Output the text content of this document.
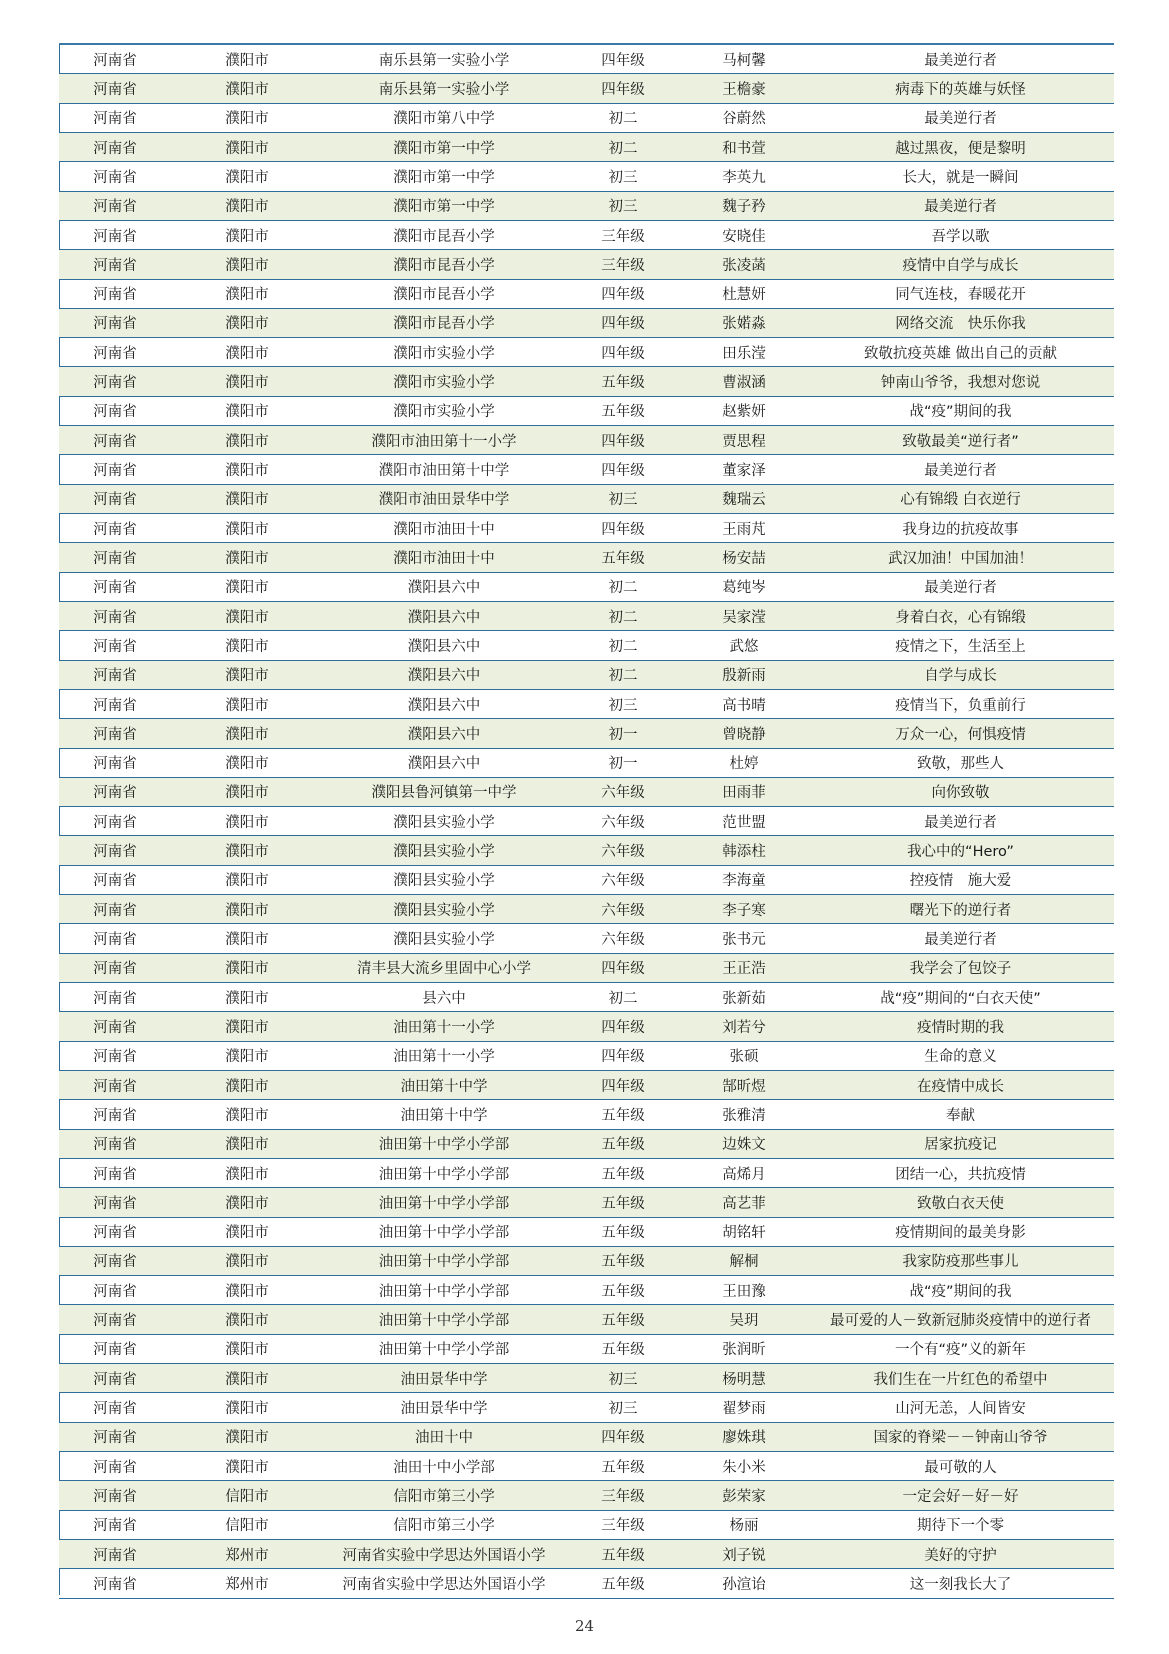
河南省	濮阳市	南乐县第一实验小学	四年级	马柯馨	最美逆行者
河南省	濮阳市	南乐县第一实验小学	四年级	王檐豪	病毒下的英雄与妖怪
河南省	濮阳市	濮阳市第八中学	初二	谷蔚然	最美逆行者
河南省	濮阳市	濮阳市第一中学	初二	和书萱	越过黑夜，便是黎明
河南省	濮阳市	濮阳市第一中学	初三	李英九	长大，就是一瞬间
河南省	濮阳市	濮阳市第一中学	初三	魏子矜	最美逆行者
河南省	濮阳市	濮阳市昆吾小学	三年级	安晓佳	吾学以歌
河南省	濮阳市	濮阳市昆吾小学	三年级	张凌菡	疫情中自学与成长
河南省	濮阳市	濮阳市昆吾小学	四年级	杜慧妍	同气连枝，春暖花开
河南省	濮阳市	濮阳市昆吾小学	四年级	张婼淼	网络交流　快乐你我
河南省	濮阳市	濮阳市实验小学	四年级	田乐滢	致敬抗疫英雄 做出自己的贡献
河南省	濮阳市	濮阳市实验小学	五年级	曹淑涵	钟南山爷爷，我想对您说
河南省	濮阳市	濮阳市实验小学	五年级	赵紫妍	战“疫”期间的我
河南省	濮阳市	濮阳市油田第十一小学	四年级	贾思程	致敬最美“逆行者”
河南省	濮阳市	濮阳市油田第十中学	四年级	董家泽	最美逆行者
河南省	濮阳市	濮阳市油田景华中学	初三	魏瑞云	心有锦缎 白衣逆行
河南省	濮阳市	濮阳市油田十中	四年级	王雨芃	我身边的抗疫故事
河南省	濮阳市	濮阳市油田十中	五年级	杨安喆	武汉加油！中国加油！
河南省	濮阳市	濮阳县六中	初二	葛纯岑	最美逆行者
河南省	濮阳市	濮阳县六中	初二	吴家滢	身着白衣，心有锦缎
河南省	濮阳市	濮阳县六中	初二	武悠	疫情之下，生活至上
河南省	濮阳市	濮阳县六中	初二	殷新雨	自学与成长
河南省	濮阳市	濮阳县六中	初三	高书晴	疫情当下，负重前行
河南省	濮阳市	濮阳县六中	初一	曾晓静	万众一心，何惧疫情
河南省	濮阳市	濮阳县六中	初一	杜婷	致敬，那些人
河南省	濮阳市	濮阳县鲁河镇第一中学	六年级	田雨菲	向你致敬
河南省	濮阳市	濮阳县实验小学	六年级	范世盟	最美逆行者
河南省	濮阳市	濮阳县实验小学	六年级	韩添柱	我心中的“Hero”
河南省	濮阳市	濮阳县实验小学	六年级	李海童	控疫情　施大爱
河南省	濮阳市	濮阳县实验小学	六年级	李子寒	曙光下的逆行者
河南省	濮阳市	濮阳县实验小学	六年级	张书元	最美逆行者
河南省	濮阳市	清丰县大流乡里固中心小学	四年级	王正浩	我学会了包饺子
河南省	濮阳市	县六中	初二	张新茹	战“疫”期间的“白衣天使”
河南省	濮阳市	油田第十一小学	四年级	刘若兮	疫情时期的我
河南省	濮阳市	油田第十一小学	四年级	张硕	生命的意义
河南省	濮阳市	油田第十中学	四年级	郜昕煜	在疫情中成长
河南省	濮阳市	油田第十中学	五年级	张雅清	奉献
河南省	濮阳市	油田第十中学小学部	五年级	边姝文	居家抗疫记
河南省	濮阳市	油田第十中学小学部	五年级	高烯月	团结一心，共抗疫情
河南省	濮阳市	油田第十中学小学部	五年级	高艺菲	致敬白衣天使
河南省	濮阳市	油田第十中学小学部	五年级	胡铭轩	疫情期间的最美身影
河南省	濮阳市	油田第十中学小学部	五年级	解桐	我家防疫那些事儿
河南省	濮阳市	油田第十中学小学部	五年级	王田豫	战“疫”期间的我
河南省	濮阳市	油田第十中学小学部	五年级	吴玥	最可爱的人－致新冠肺炎疫情中的逆行者
河南省	濮阳市	油田第十中学小学部	五年级	张润昕	一个有“疫”义的新年
河南省	濮阳市	油田景华中学	初三	杨明慧	我们生在一片红色的希望中
河南省	濮阳市	油田景华中学	初三	翟梦雨	山河无恙，人间皆安
河南省	濮阳市	油田十中	四年级	廖姝琪	国家的脊梁－－钟南山爷爷
河南省	濮阳市	油田十中小学部	五年级	朱小米	最可敬的人
河南省	信阳市	信阳市第三小学	三年级	彭荣家	一定会好－好－好
河南省	信阳市	信阳市第三小学	三年级	杨丽	期待下一个零
河南省	郑州市	河南省实验中学思达外国语小学	五年级	刘子锐	美好的守护
河南省	郑州市	河南省实验中学思达外国语小学	五年级	孙渲诒	这一刻我长大了
24
